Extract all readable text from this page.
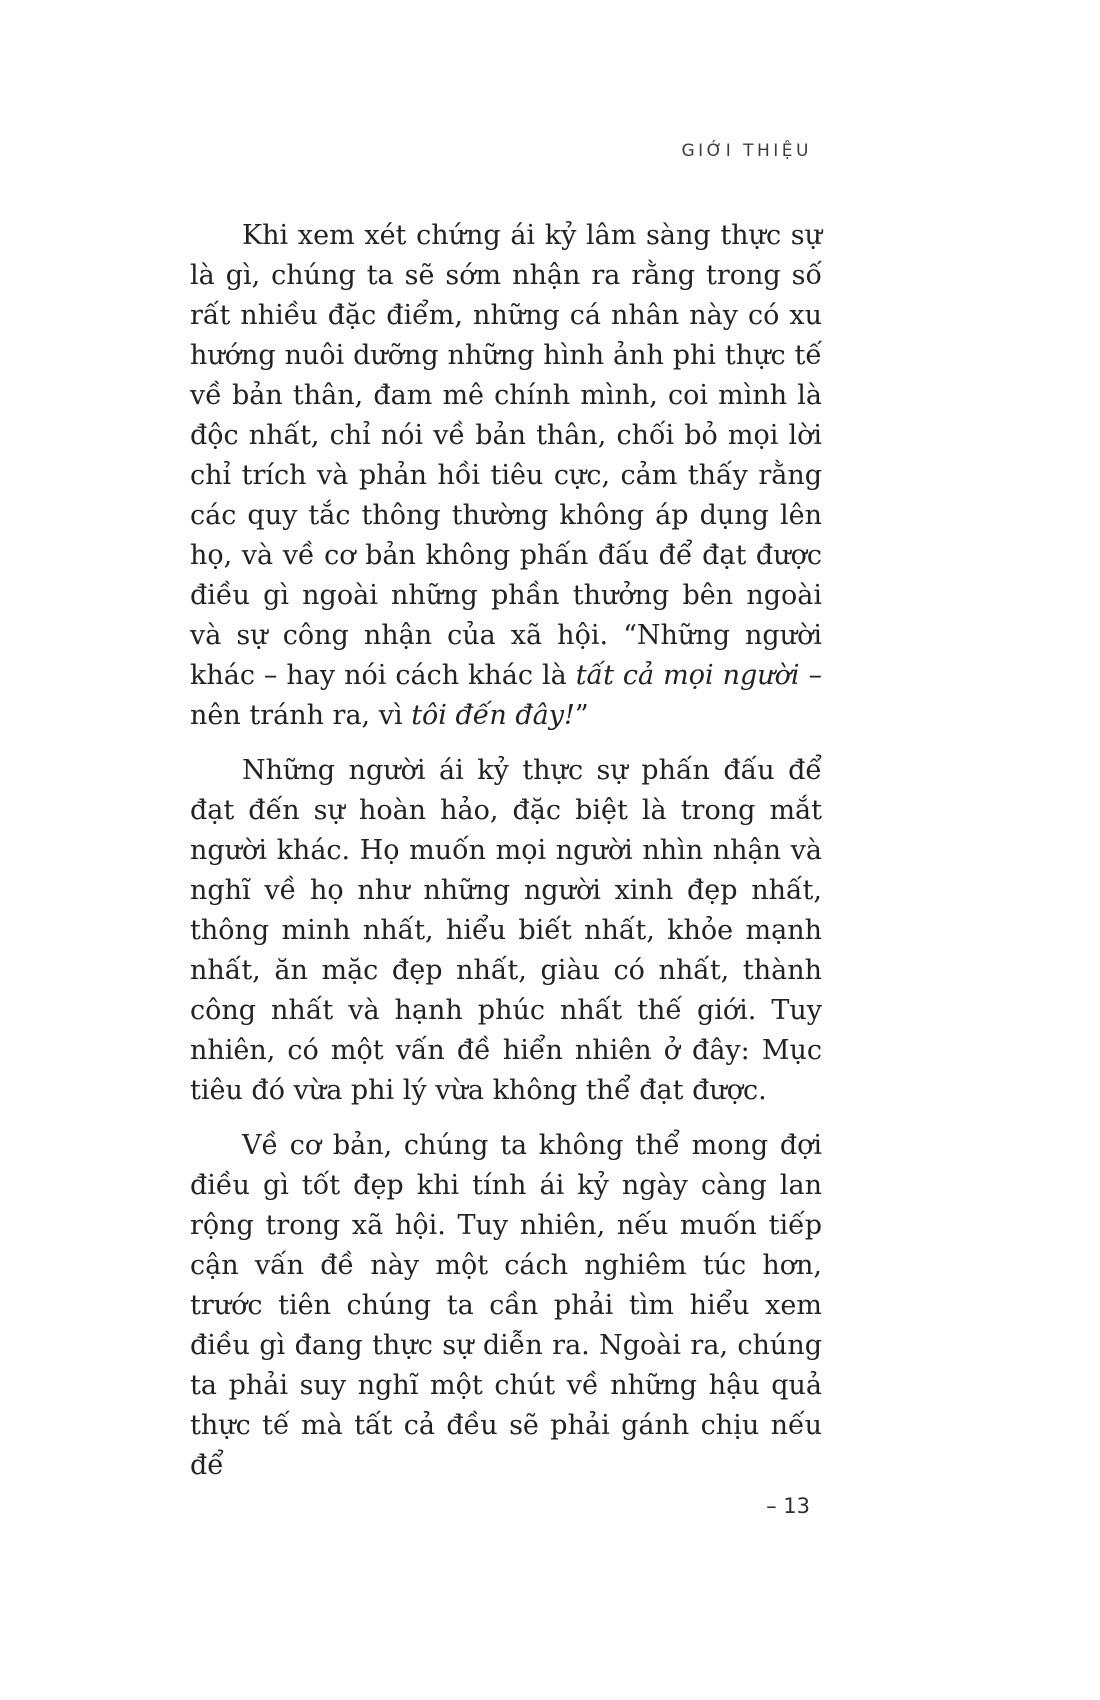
GIỚI THIỆU

Khi xem xét chứng ái kỷ lâm sàng thực sự là gì, chúng ta sẽ sớm nhận ra rằng trong số rất nhiều đặc điểm, những cá nhân này có xu hướng nuôi dưỡng những hình ảnh phi thực tế về bản thân, đam mê chính mình, coi mình là độc nhất, chỉ nói về bản thân, chối bỏ mọi lời chỉ trích và phản hồi tiêu cực, cảm thấy rằng các quy tắc thông thường không áp dụng lên họ, và về cơ bản không phấn đấu để đạt được điều gì ngoài những phần thưởng bên ngoài và sự công nhận của xã hội. “Những người khác – hay nói cách khác là tất cả mọi người – nên tránh ra, vì tôi đến đây!”

Những người ái kỷ thực sự phấn đấu để đạt đến sự hoàn hảo, đặc biệt là trong mắt người khác. Họ muốn mọi người nhìn nhận và nghĩ về họ như những người xinh đẹp nhất, thông minh nhất, hiểu biết nhất, khỏe mạnh nhất, ăn mặc đẹp nhất, giàu có nhất, thành công nhất và hạnh phúc nhất thế giới. Tuy nhiên, có một vấn đề hiển nhiên ở đây: Mục tiêu đó vừa phi lý vừa không thể đạt được.

Về cơ bản, chúng ta không thể mong đợi điều gì tốt đẹp khi tính ái kỷ ngày càng lan rộng trong xã hội. Tuy nhiên, nếu muốn tiếp cận vấn đề này một cách nghiêm túc hơn, trước tiên chúng ta cần phải tìm hiểu xem điều gì đang thực sự diễn ra. Ngoài ra, chúng ta phải suy nghĩ một chút về những hậu quả thực tế mà tất cả đều sẽ phải gánh chịu nếu để

– 13
